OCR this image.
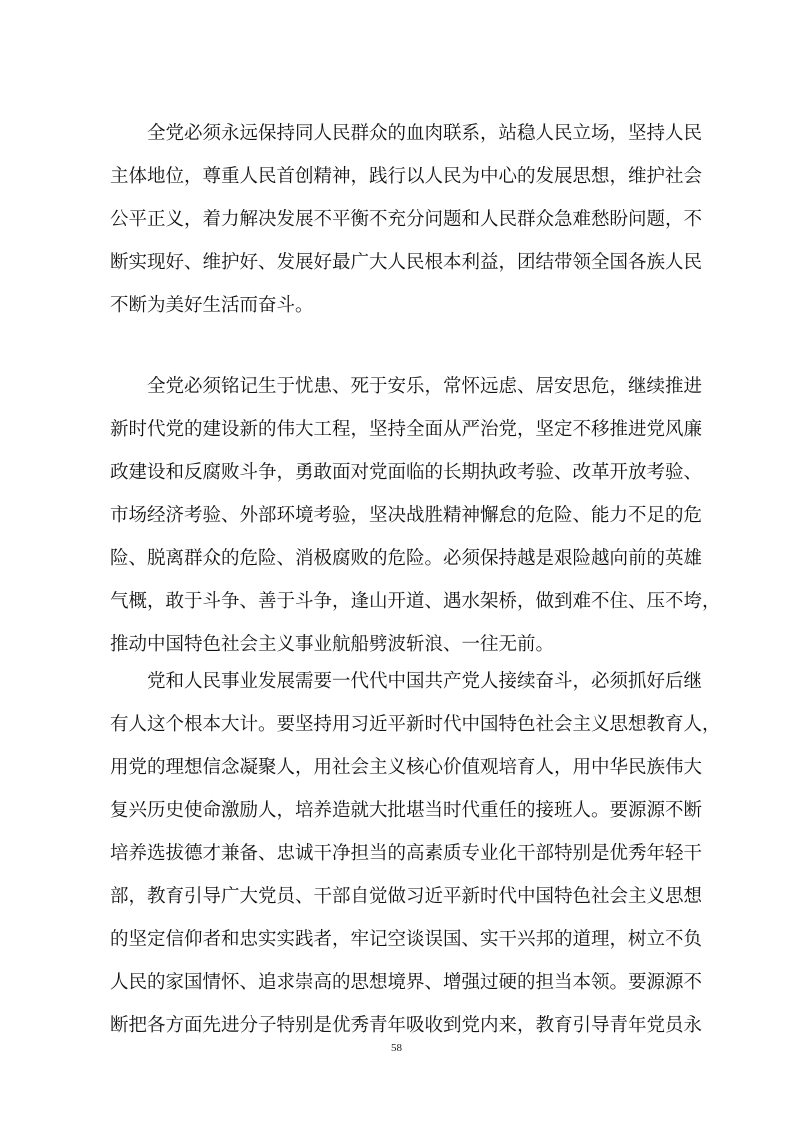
　　全党必须永远保持同人民群众的血肉联系，站稳人民立场，坚持人民
主体地位，尊重人民首创精神，践行以人民为中心的发展思想，维护社会
公平正义，着力解决发展不平衡不充分问题和人民群众急难愁盼问题，不
断实现好、维护好、发展好最广大人民根本利益，团结带领全国各族人民
不断为美好生活而奋斗。
　　全党必须铭记生于忧患、死于安乐，常怀远虑、居安思危，继续推进
新时代党的建设新的伟大工程，坚持全面从严治党，坚定不移推进党风廉
政建设和反腐败斗争，勇敢面对党面临的长期执政考验、改革开放考验、
市场经济考验、外部环境考验，坚决战胜精神懈怠的危险、能力不足的危
险、脱离群众的危险、消极腐败的危险。必须保持越是艰险越向前的英雄
气概，敢于斗争、善于斗争，逢山开道、遇水架桥，做到难不住、压不垮，
推动中国特色社会主义事业航船劈波斩浪、一往无前。
　　党和人民事业发展需要一代代中国共产党人接续奋斗，必须抓好后继
有人这个根本大计。要坚持用习近平新时代中国特色社会主义思想教育人，
用党的理想信念凝聚人，用社会主义核心价值观培育人，用中华民族伟大
复兴历史使命激励人，培养造就大批堪当时代重任的接班人。要源源不断
培养选拔德才兼备、忠诚干净担当的高素质专业化干部特别是优秀年轻干
部，教育引导广大党员、干部自觉做习近平新时代中国特色社会主义思想
的坚定信仰者和忠实实践者，牢记空谈误国、实干兴邦的道理，树立不负
人民的家国情怀、追求崇高的思想境界、增强过硬的担当本领。要源源不
断把各方面先进分子特别是优秀青年吸收到党内来，教育引导青年党员永
58
